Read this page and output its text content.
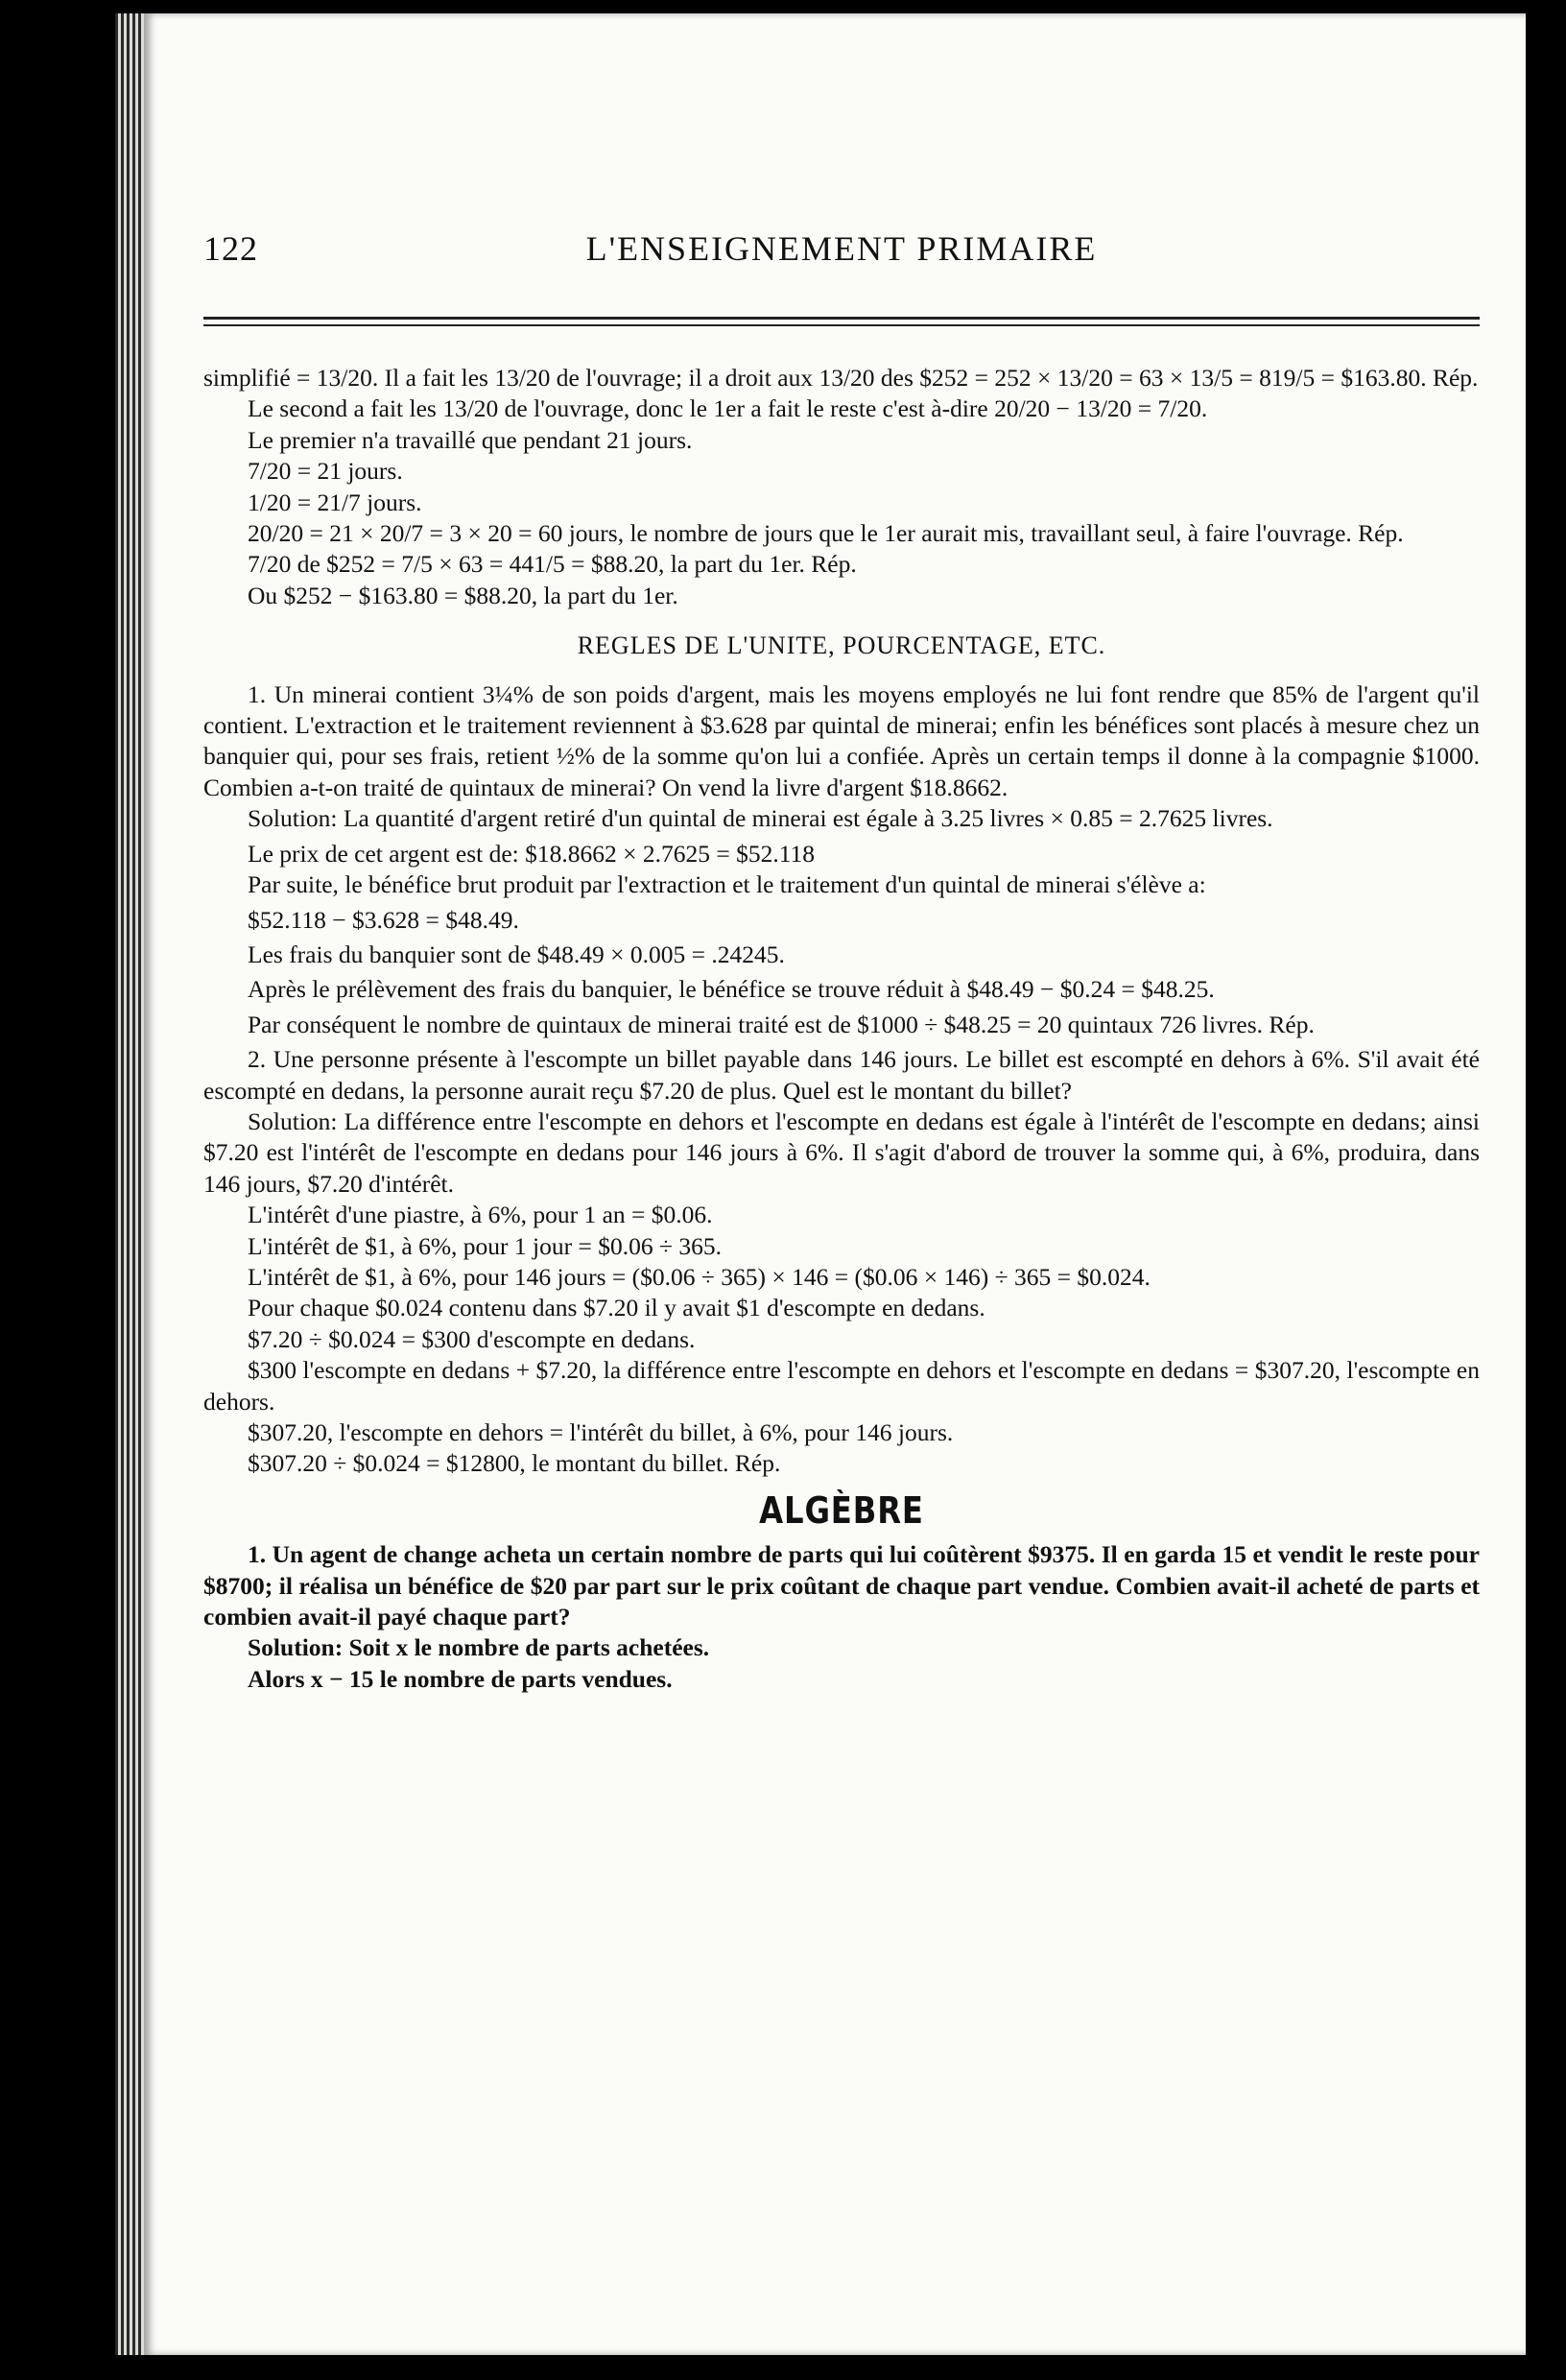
122	L'ENSEIGNEMENT PRIMAIRE

simplifié = 13/20. Il a fait les 13/20 de l'ouvrage; il a droit aux 13/20 des $252 = 252 × 13/20 = 63 × 13/5 = 819/5 = $163.80. Rép.

Le second a fait les 13/20 de l'ouvrage, donc le 1er a fait le reste c'est à-dire 20/20 − 13/20 = 7/20.

Le premier n'a travaillé que pendant 21 jours.

7/20 = 21 jours.

1/20 = 21/7 jours.

20/20 = 21 × 20/7 = 3 × 20 = 60 jours, le nombre de jours que le 1er aurait mis, travaillant seul, à faire l'ouvrage. Rép.

7/20 de $252 = 7/5 × 63 = 441/5 = $88.20, la part du 1er. Rép.

Ou $252 − $163.80 = $88.20, la part du 1er.

REGLES DE L'UNITE, POURCENTAGE, ETC.

1. Un minerai contient 3¼% de son poids d'argent, mais les moyens employés ne lui font rendre que 85% de l'argent qu'il contient. L'extraction et le traitement reviennent à $3.628 par quintal de minerai; enfin les bénéfices sont placés à mesure chez un banquier qui, pour ses frais, retient ½% de la somme qu'on lui a confiée. Après un certain temps il donne à la compagnie $1000. Combien a-t-on traité de quintaux de minerai? On vend la livre d'argent $18.8662.

Solution: La quantité d'argent retiré d'un quintal de minerai est égale à 3.25 livres × 0.85 = 2.7625 livres.

Le prix de cet argent est de: $18.8662 × 2.7625 = $52.118

Par suite, le bénéfice brut produit par l'extraction et le traitement d'un quintal de minerai s'élève a:

$52.118 − $3.628 = $48.49.

Les frais du banquier sont de $48.49 × 0.005 = .24245.

Après le prélèvement des frais du banquier, le bénéfice se trouve réduit à $48.49 − $0.24 = $48.25.

Par conséquent le nombre de quintaux de minerai traité est de $1000 ÷ $48.25 = 20 quintaux 726 livres. Rép.

2. Une personne présente à l'escompte un billet payable dans 146 jours. Le billet est escompté en dehors à 6%. S'il avait été escompté en dedans, la personne aurait reçu $7.20 de plus. Quel est le montant du billet?

Solution: La différence entre l'escompte en dehors et l'escompte en dedans est égale à l'intérêt de l'escompte en dedans; ainsi $7.20 est l'intérêt de l'escompte en dedans pour 146 jours à 6%. Il s'agit d'abord de trouver la somme qui, à 6%, produira, dans 146 jours, $7.20 d'intérêt.

L'intérêt d'une piastre, à 6%, pour 1 an = $0.06.

L'intérêt de $1, à 6%, pour 1 jour = $0.06 ÷ 365.

L'intérêt de $1, à 6%, pour 146 jours = ($0.06 ÷ 365) × 146 = ($0.06 × 146) ÷ 365 = $0.024.

Pour chaque $0.024 contenu dans $7.20 il y avait $1 d'escompte en dedans.

$7.20 ÷ $0.024 = $300 d'escompte en dedans.

$300 l'escompte en dedans + $7.20, la différence entre l'escompte en dehors et l'escompte en dedans = $307.20, l'escompte en dehors.

$307.20, l'escompte en dehors = l'intérêt du billet, à 6%, pour 146 jours.

$307.20 ÷ $0.024 = $12800, le montant du billet. Rép.

ALGÈBRE

1. Un agent de change acheta un certain nombre de parts qui lui coûtèrent $9375. Il en garda 15 et vendit le reste pour $8700; il réalisa un bénéfice de $20 par part sur le prix coûtant de chaque part vendue. Combien avait-il acheté de parts et combien avait-il payé chaque part?

Solution: Soit x le nombre de parts achetées.

Alors x − 15 le nombre de parts vendues.
